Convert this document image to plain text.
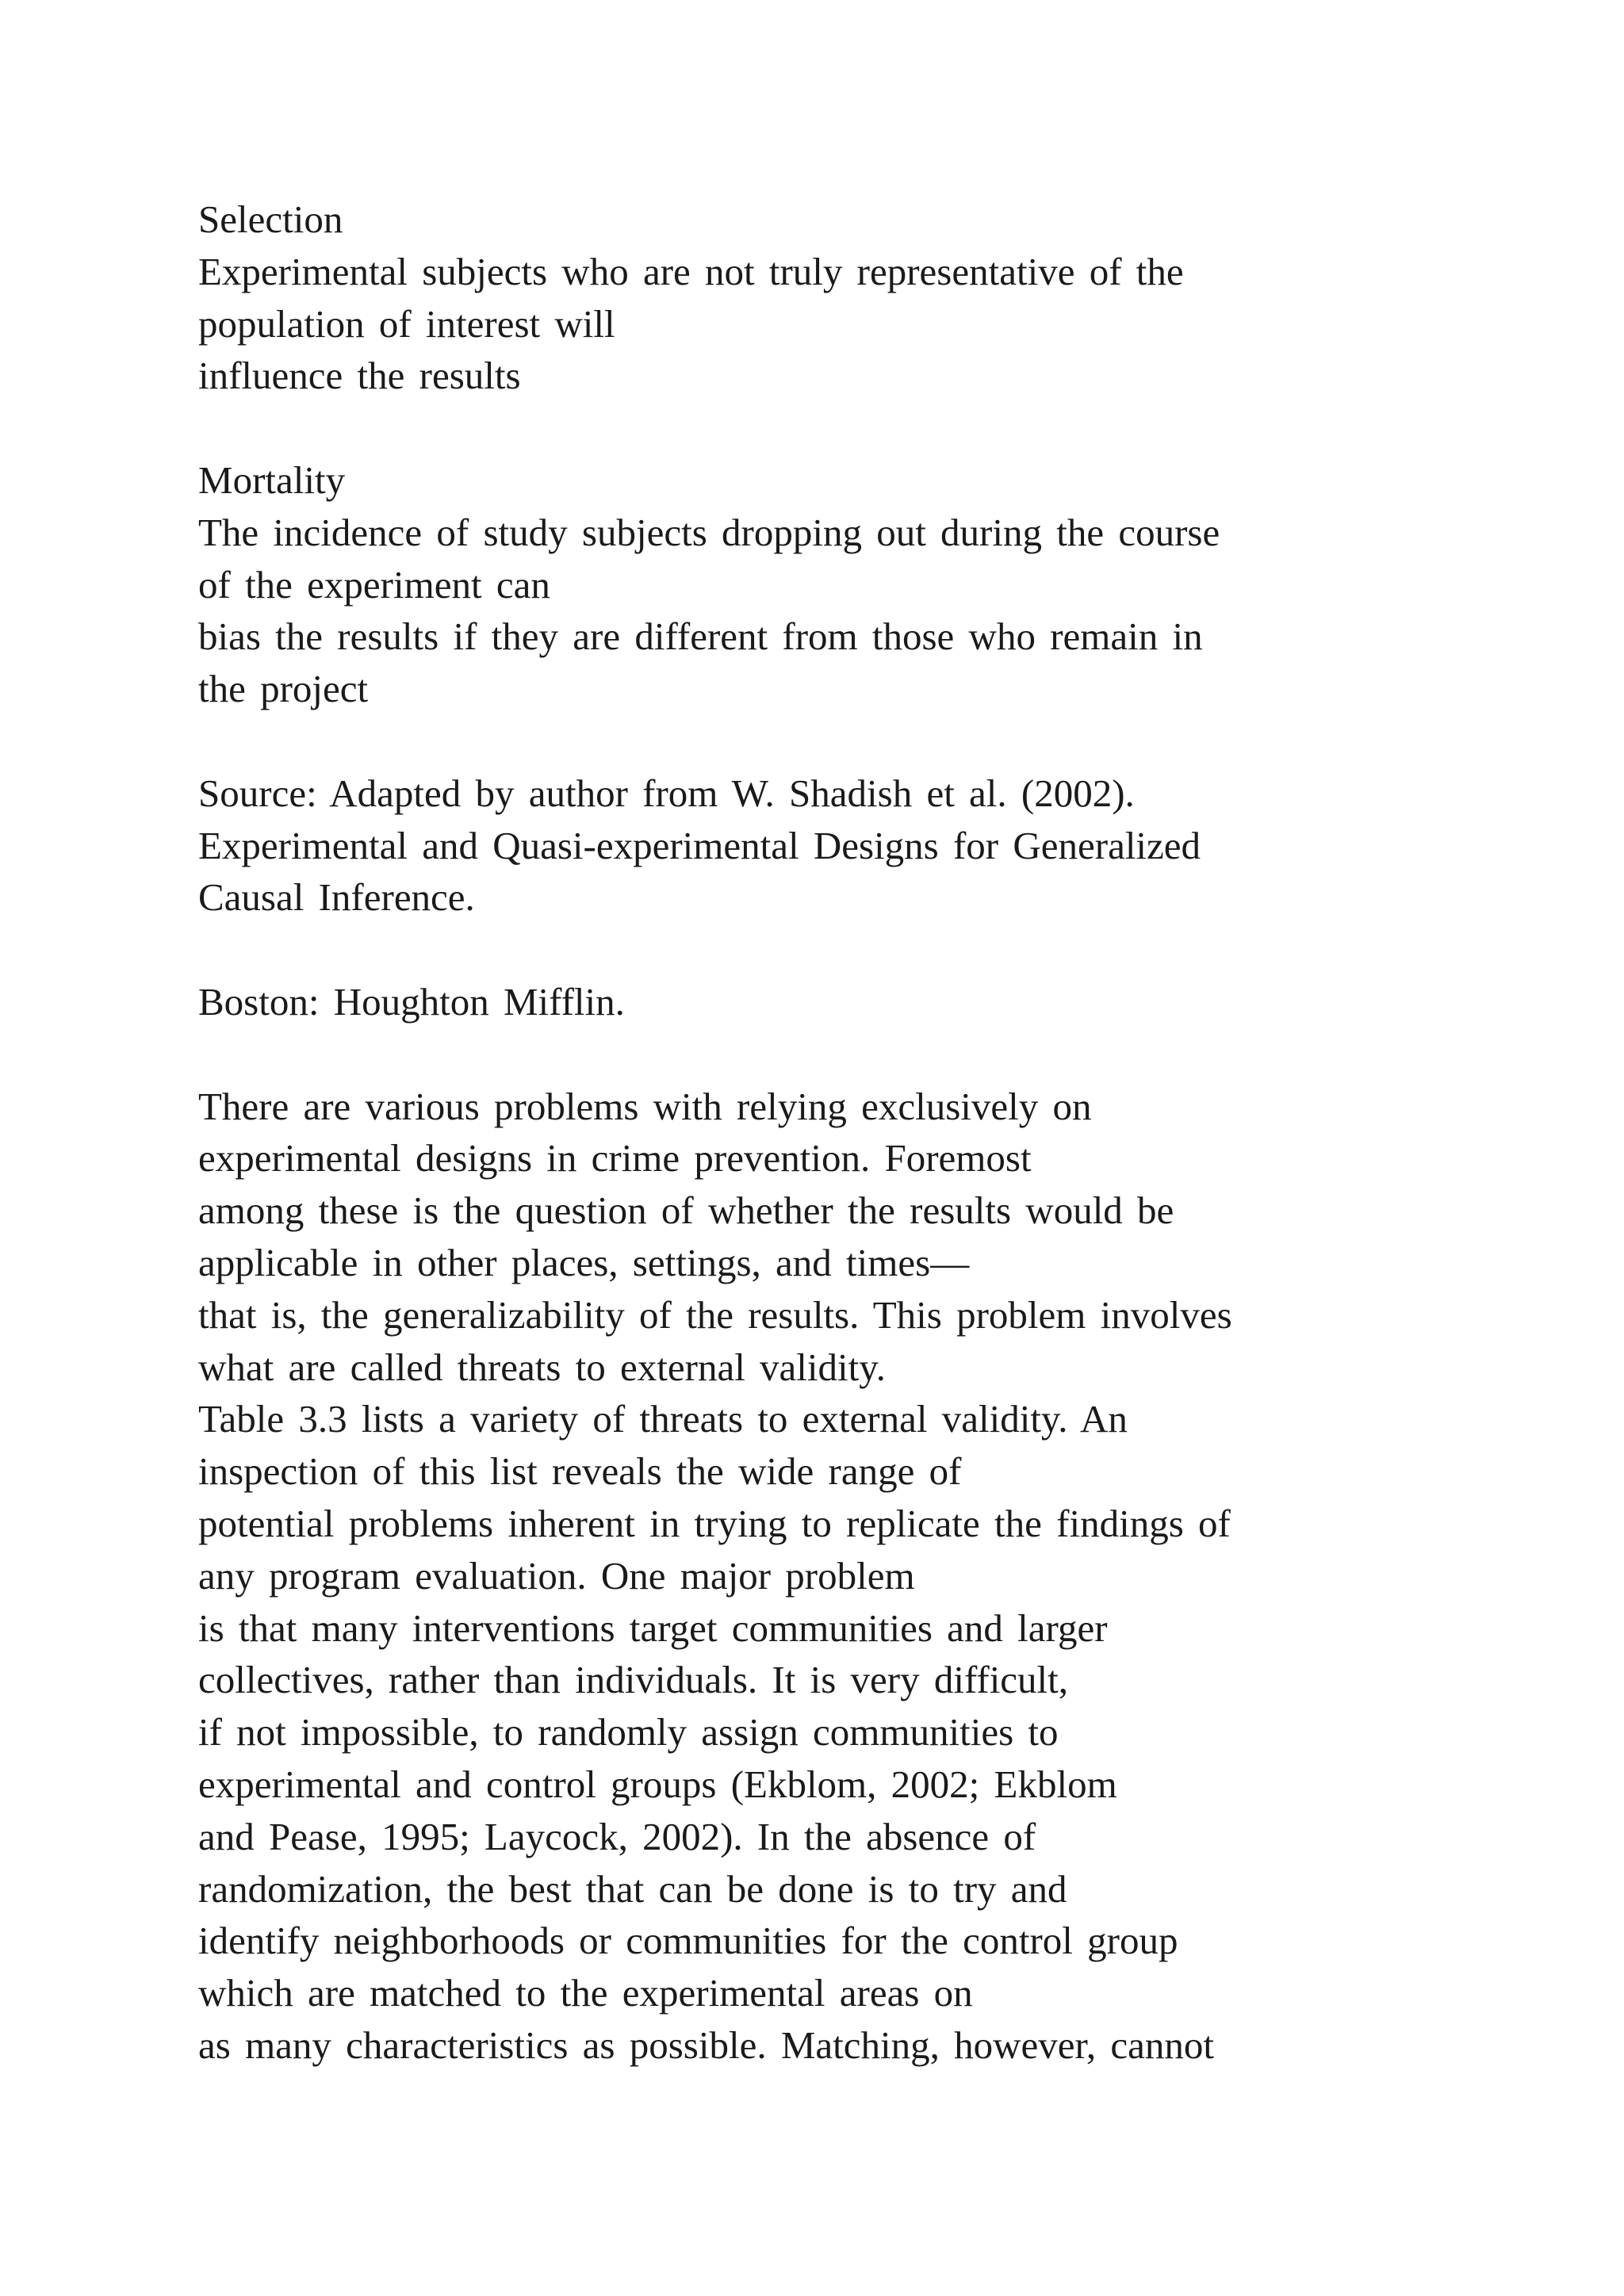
Selection
Experimental subjects who are not truly representative of the
population of interest will
influence the results
Mortality
The incidence of study subjects dropping out during the course
of the experiment can
bias the results if they are different from those who remain in
the project
Source: Adapted by author from W. Shadish et al. (2002).
Experimental and Quasi-experimental Designs for Generalized
Causal Inference.
Boston: Houghton Mifflin.
There are various problems with relying exclusively on
experimental designs in crime prevention. Foremost
among these is the question of whether the results would be
applicable in other places, settings, and times—
that is, the generalizability of the results. This problem involves
what are called threats to external validity.
Table 3.3 lists a variety of threats to external validity. An
inspection of this list reveals the wide range of
potential problems inherent in trying to replicate the findings of
any program evaluation. One major problem
is that many interventions target communities and larger
collectives, rather than individuals. It is very difficult,
if not impossible, to randomly assign communities to
experimental and control groups (Ekblom, 2002; Ekblom
and Pease, 1995; Laycock, 2002). In the absence of
randomization, the best that can be done is to try and
identify neighborhoods or communities for the control group
which are matched to the experimental areas on
as many characteristics as possible. Matching, however, cannot
